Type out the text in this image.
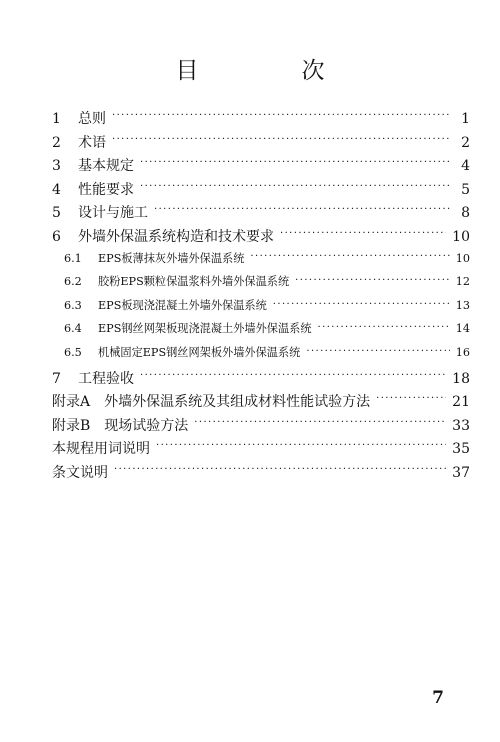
目　次
1	总则 ·····	1
2	术语 ·····	2
3	基本规定 ·····	4
4	性能要求 ·····	5
5	设计与施工 ·····	8
6	外墙外保温系统构造和技术要求 ·····	10
6.1	EPS板薄抹灰外墙外保温系统 ·····	10
6.2	胶粉EPS颗粒保温浆料外墙外保温系统 ·····	12
6.3	EPS板现浇混凝土外墙外保温系统 ·····	13
6.4	EPS钢丝网架板现浇混凝土外墙外保温系统 ·····	14
6.5	机械固定EPS钢丝网架板外墙外保温系统 ·····	16
7	工程验收 ·····	18
附录A　外墙外保温系统及其组成材料性能试验方法 ·····	21
附录B　现场试验方法 ·····	33
本规程用词说明 ·····	35
条文说明 ·····	37
7
